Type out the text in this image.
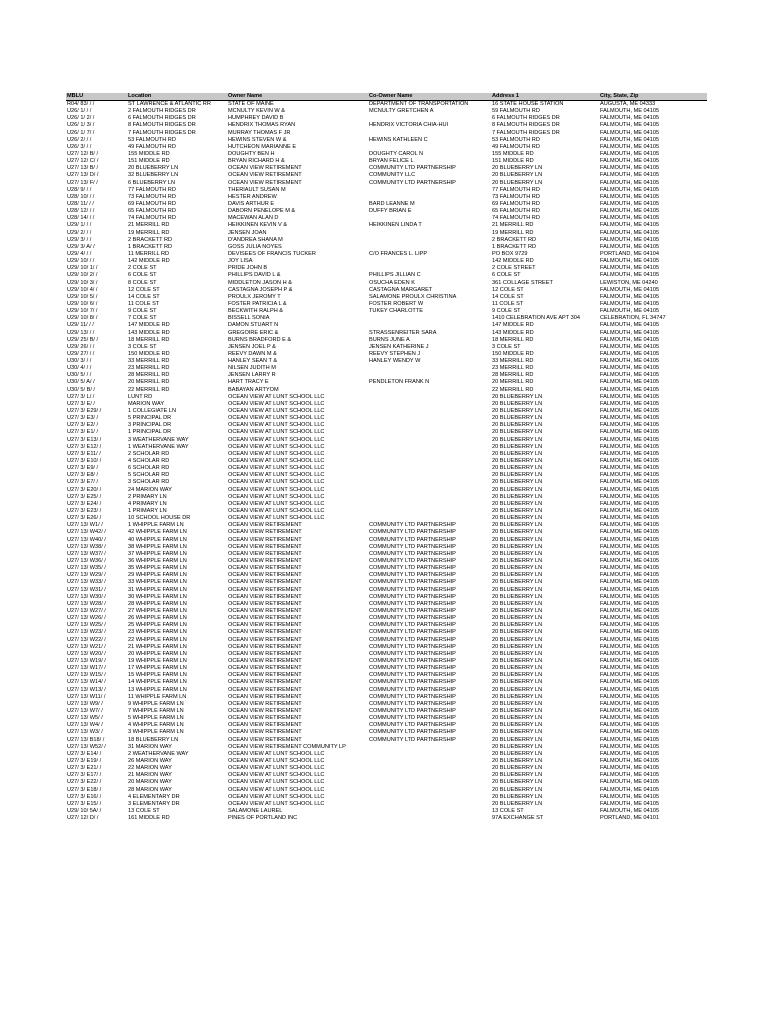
MBLU	Location	Owner Name	Co-Owner Name	Address 1	City, State, Zip
R04/ 83/ / /	ST LAWRENCE & ATLANTIC RR	STATE OF MAINE	DEPARTMENT OF TRANSPORTATION	16 STATE HOUSE STATION	AUGUSTA, ME 04333
U26/ 1/ / /	2 FALMOUTH RIDGES DR	MCNULTY KEVIN W &	MCNULTY GRETCHEN A	59 FALMOUTH RD	FALMOUTH, ME 04105
U26/ 1/ 2/ /	6 FALMOUTH RIDGES DR	HUMPHREY DAVID B		6 FALMOUTH RIDGES DR	FALMOUTH, ME 04105
U26/ 1/ 3/ /	8 FALMOUTH RIDGES DR	HENDRIX THOMAS RYAN	HENDRIX VICTORIA CHIA-HUI	8 FALMOUTH RIDGES DR	FALMOUTH, ME 04105
U26/ 1/ 7/ /	7 FALMOUTH RIDGES DR	MURRAY THOMAS F JR		7 FALMOUTH RIDGES DR	FALMOUTH, ME 04105
U26/ 2/ / /	53 FALMOUTH RD	HEWINS STEVEN W &	HEWINS KATHLEEN C	53 FALMOUTH RD	FALMOUTH, ME 04105
U26/ 3/ / /	49 FALMOUTH RD	HUTCHEON MARIANNE E		49 FALMOUTH RD	FALMOUTH, ME 04105
U27/ 12/ B/ /	155 MIDDLE RD	DOUGHTY BEN H	DOUGHTY CAROL N	155 MIDDLE RD	FALMOUTH, ME 04105
U27/ 12/ C/ /	151 MIDDLE RD	BRYAN RICHARD H &	BRYAN FELICE L	151 MIDDLE RD	FALMOUTH, ME 04105
U27/ 13/ B/ /	20 BLUEBERRY LN	OCEAN VIEW RETIREMENT	COMMUNITY LTD PARTNERSHIP	20 BLUEBERRY LN	FALMOUTH, ME 04105
U27/ 13/ D/ /	32 BLUEBERRY LN	OCEAN VIEW RETIREMENT	COMMUNITY LLC	20 BLUEBERRY LN	FALMOUTH, ME 04105
U27/ 13/ F/ /	6 BLUEBERRY LN	OCEAN VIEW RETIREMENT	COMMUNITY LTD PARTNERSHIP	20 BLUEBERRY LN	FALMOUTH, ME 04105
U28/ 9/ / /	77 FALMOUTH RD	THERIAULT SUSAN M		77 FALMOUTH RD	FALMOUTH, ME 04105
U28/ 10/ / /	73 FALMOUTH RD	HESTER ANDREW		73 FALMOUTH RD	FALMOUTH, ME 04105
U28/ 11/ / /	69 FALMOUTH RD	DAVIS ARTHUR E	BARD LEANNE M	69 FALMOUTH RD	FALMOUTH, ME 04105
U28/ 12/ / /	65 FALMOUTH RD	DABORN PENELOPE M &	DUFFY BRIAN E	65 FALMOUTH RD	FALMOUTH, ME 04105
U28/ 14/ / /	74 FALMOUTH RD	MACEWAN ALAN D		74 FALMOUTH RD	FALMOUTH, ME 04105
U29/ 1/ / /	21 MERRILL RD	HEIKKINEN KEVIN V &	HEIKKINEN LINDA T	21 MERRILL RD	FALMOUTH, ME 04105
U29/ 2/ / /	19 MERRILL RD	JENSEN JOAN		19 MERRILL RD	FALMOUTH, ME 04105
U29/ 3/ / /	2 BRACKETT RD	D'ANDREA SHANA M		2 BRACKETT RD	FALMOUTH, ME 04105
U29/ 3/ A/ /	1 BRACKETT RD	GOSS JULIA NOYES		1 BRACKETT RD	FALMOUTH, ME 04105
U29/ 4/ / /	11 MERRILL RD	DEVISEES OF FRANCIS TUCKER	C/O FRANCES L. LIPP	PO BOX 9729	PORTLAND, ME 04104
U29/ 10/ / /	142 MIDDLE RD	JOY LISA		142 MIDDLE RD	FALMOUTH, ME 04105
U29/ 10/ 1/ /	2 COLE ST	PRIDE JOHN B		2 COLE STREET	FALMOUTH, ME 04105
U29/ 10/ 2/ /	6 COLE ST	PHILLIPS DAVID L &	PHILLIPS JILLIAN C	6 COLE ST	FALMOUTH, ME 04105
U29/ 10/ 3/ /	8 COLE ST	MIDDLETON JASON H &	OSUCHA EDEN K	361 COLLAGE STREET	LEWISTON, ME 04240
U29/ 10/ 4/ /	12 COLE ST	CASTAGNA JOSEPH P &	CASTAGNA MARGARET	12 COLE ST	FALMOUTH, ME 04105
U29/ 10/ 5/ /	14 COLE ST	PROULX JEROMY T	SALAMONE PROULX CHRISTINA	14 COLE ST	FALMOUTH, ME 04105
U29/ 10/ 6/ /	11 COLE ST	FOSTER PATRICIA L &	FOSTER ROBERT W	11 COLE ST	FALMOUTH, ME 04105
U29/ 10/ 7/ /	9 COLE ST	BECKWITH RALPH &	TUKEY CHARLOTTE	9 COLE ST	FALMOUTH, ME 04105
U29/ 10/ 8/ /	7 COLE ST	BISSELL SONIA		1410 CELEBRATION AVE APT 304	CELEBRATION, FL 34747
U29/ 11/ / /	147 MIDDLE RD	DAMON STUART N		147 MIDDLE RD	FALMOUTH, ME 04105
U29/ 13/ / /	143 MIDDLE RD	GREGOIRE ERIC &	STRASSENREITER SARA	143 MIDDLE RD	FALMOUTH, ME 04105
U29/ 25/ B/ /	18 MERRILL RD	BURNS BRADFORD E &	BURNS JUNE A	18 MERRILL RD	FALMOUTH, ME 04105
U29/ 26/ / /	3 COLE ST	JENSEN JOEL P &	JENSEN KATHERINE J	3 COLE ST	FALMOUTH, ME 04105
U29/ 27/ / /	150 MIDDLE RD	REEVY DAWN M &	REEVY STEPHEN J	150 MIDDLE RD	FALMOUTH, ME 04105
U30/ 3/ / /	33 MERRILL RD	HANLEY SEAN T &	HANLEY WENDY W	33 MERRILL RD	FALMOUTH, ME 04105
U30/ 4/ / /	23 MERRILL RD	NILSEN JUDITH M		23 MERRILL RD	FALMOUTH, ME 04105
U30/ 5/ / /	28 MERRILL RD	JENSEN LARRY R		28 MERRILL RD	FALMOUTH, ME 04105
U30/ 5/ A/ /	20 MERRILL RD	HART TRACY E	PENDLETON FRANK N	20 MERRILL RD	FALMOUTH, ME 04105
U30/ 5/ B/ /	22 MERRILL RD	BABAYAN ARTYOM		22 MERRILL RD	FALMOUTH, ME 04105
U27/ 3/ L/ /	LUNT RD	OCEAN VIEW AT LUNT SCHOOL LLC		20 BLUEBERRY LN	FALMOUTH, ME 04105
U27/ 3/ E/ /	MARION WAY	OCEAN VIEW AT LUNT SCHOOL LLC		20 BLUEBERRY LN	FALMOUTH, ME 04105
U27/ 3/ E29/ /	1 COLLEGIATE LN	OCEAN VIEW AT LUNT SCHOOL LLC		20 BLUEBERRY LN	FALMOUTH, ME 04105
U27/ 3/ E3/ /	5 PRINCIPAL DR	OCEAN VIEW AT LUNT SCHOOL LLC		20 BLUEBERRY LN	FALMOUTH, ME 04105
U27/ 3/ E2/ /	3 PRINCIPAL DR	OCEAN VIEW AT LUNT SCHOOL LLC		20 BLUEBERRY LN	FALMOUTH, ME 04105
U27/ 3/ E1/ /	1 PRINCIPAL DR	OCEAN VIEW AT LUNT SCHOOL LLC		20 BLUEBERRY LN	FALMOUTH, ME 04105
U27/ 3/ E13/ /	3 WEATHERVANE WAY	OCEAN VIEW AT LUNT SCHOOL LLC		20 BLUEBERRY LN	FALMOUTH, ME 04105
U27/ 3/ E12/ /	1 WEATHERVANE WAY	OCEAN VIEW AT LUNT SCHOOL LLC		20 BLUEBERRY LN	FALMOUTH, ME 04105
U27/ 3/ E11/ /	2 SCHOLAR RD	OCEAN VIEW AT LUNT SCHOOL LLC		20 BLUEBERRY LN	FALMOUTH, ME 04105
U27/ 3/ E10/ /	4 SCHOLAR RD	OCEAN VIEW AT LUNT SCHOOL LLC		20 BLUEBERRY LN	FALMOUTH, ME 04105
U27/ 3/ E9/ /	6 SCHOLAR RD	OCEAN VIEW AT LUNT SCHOOL LLC		20 BLUEBERRY LN	FALMOUTH, ME 04105
U27/ 3/ E8/ /	5 SCHOLAR RD	OCEAN VIEW AT LUNT SCHOOL LLC		20 BLUEBERRY LN	FALMOUTH, ME 04105
U27/ 3/ E7/ /	3 SCHOLAR RD	OCEAN VIEW AT LUNT SCHOOL LLC		20 BLUEBERRY LN	FALMOUTH, ME 04105
U27/ 3/ E20/ /	24 MARION WAY	OCEAN VIEW AT LUNT SCHOOL LLC		20 BLUEBERRY LN	FALMOUTH, ME 04105
U27/ 3/ E25/ /	2 PRIMARY LN	OCEAN VIEW AT LUNT SCHOOL LLC		20 BLUEBERRY LN	FALMOUTH, ME 04105
U27/ 3/ E24/ /	4 PRIMARY LN	OCEAN VIEW AT LUNT SCHOOL LLC		20 BLUEBERRY LN	FALMOUTH, ME 04105
U27/ 3/ E23/ /	1 PRIMARY LN	OCEAN VIEW AT LUNT SCHOOL LLC		20 BLUEBERRY LN	FALMOUTH, ME 04105
U27/ 3/ E26/ /	10 SCHOOL HOUSE DR	OCEAN VIEW AT LUNT SCHOOL LLC		20 BLUEBERRY LN	FALMOUTH, ME 04105
U27/ 13/ W1/ /	1 WHIPPLE FARM LN	OCEAN VIEW RETIREMENT	COMMUNITY LTD PARTNERSHIP	20 BLUEBERRY LN	FALMOUTH, ME 04105
U27/ 13/ W42/ /	42 WHIPPLE FARM LN	OCEAN VIEW RETIREMENT	COMMUNITY LTD PARTNERSHIP	20 BLUEBERRY LN	FALMOUTH, ME 04105
U27/ 13/ W40/ /	40 WHIPPLE FARM LN	OCEAN VIEW RETIREMENT	COMMUNITY LTD PARTNERSHIP	20 BLUEBERRY LN	FALMOUTH, ME 04105
U27/ 13/ W38/ /	38 WHIPPLE FARM LN	OCEAN VIEW RETIREMENT	COMMUNITY LTD PARTNERSHIP	20 BLUEBERRY LN	FALMOUTH, ME 04105
U27/ 13/ W37/ /	37 WHIPPLE FARM LN	OCEAN VIEW RETIREMENT	COMMUNITY LTD PARTNERSHIP	20 BLUEBERRY LN	FALMOUTH, ME 04105
U27/ 13/ W36/ /	36 WHIPPLE FARM LN	OCEAN VIEW RETIREMENT	COMMUNITY LTD PARTNERSHIP	20 BLUEBERRY LN	FALMOUTH, ME 04105
U27/ 13/ W35/ /	35 WHIPPLE FARM LN	OCEAN VIEW RETIREMENT	COMMUNITY LTD PARTNERSHIP	20 BLUEBERRY LN	FALMOUTH, ME 04105
U27/ 13/ W29/ /	29 WHIPPLE FARM LN	OCEAN VIEW RETIREMENT	COMMUNITY LTD PARTNERSHIP	20 BLUEBERRY LN	FALMOUTH, ME 04105
U27/ 13/ W33/ /	33 WHIPPLE FARM LN	OCEAN VIEW RETIREMENT	COMMUNITY LTD PARTNERSHIP	20 BLUEBERRY LN	FALMOUTH, ME 04105
U27/ 13/ W31/ /	31 WHIPPLE FARM LN	OCEAN VIEW RETIREMENT	COMMUNITY LTD PARTNERSHIP	20 BLUEBERRY LN	FALMOUTH, ME 04105
U27/ 13/ W30/ /	30 WHIPPLE FARM LN	OCEAN VIEW RETIREMENT	COMMUNITY LTD PARTNERSHIP	20 BLUEBERRY LN	FALMOUTH, ME 04105
U27/ 13/ W28/ /	28 WHIPPLE FARM LN	OCEAN VIEW RETIREMENT	COMMUNITY LTD PARTNERSHIP	20 BLUEBERRY LN	FALMOUTH, ME 04105
U27/ 13/ W27/ /	27 WHIPPLE FARM LN	OCEAN VIEW RETIREMENT	COMMUNITY LTD PARTNERSHIP	20 BLUEBERRY LN	FALMOUTH, ME 04105
U27/ 13/ W26/ /	26 WHIPPLE FARM LN	OCEAN VIEW RETIREMENT	COMMUNITY LTD PARTNERSHIP	20 BLUEBERRY LN	FALMOUTH, ME 04105
U27/ 13/ W25/ /	25 WHIPPLE FARM LN	OCEAN VIEW RETIREMENT	COMMUNITY LTD PARTNERSHIP	20 BLUEBERRY LN	FALMOUTH, ME 04105
U27/ 13/ W23/ /	23 WHIPPLE FARM LN	OCEAN VIEW RETIREMENT	COMMUNITY LTD PARTNERSHIP	20 BLUEBERRY LN	FALMOUTH, ME 04105
U27/ 13/ W22/ /	22 WHIPPLE FARM LN	OCEAN VIEW RETIREMENT	COMMUNITY LTD PARTNERSHIP	20 BLUEBERRY LN	FALMOUTH, ME 04105
U27/ 13/ W21/ /	21 WHIPPLE FARM LN	OCEAN VIEW RETIREMENT	COMMUNITY LTD PARTNERSHIP	20 BLUEBERRY LN	FALMOUTH, ME 04105
U27/ 13/ W20/ /	20 WHIPPLE FARM LN	OCEAN VIEW RETIREMENT	COMMUNITY LTD PARTNERSHIP	20 BLUEBERRY LN	FALMOUTH, ME 04105
U27/ 13/ W19/ /	19 WHIPPLE FARM LN	OCEAN VIEW RETIREMENT	COMMUNITY LTD PARTNERSHIP	20 BLUEBERRY LN	FALMOUTH, ME 04105
U27/ 13/ W17/ /	17 WHIPPLE FARM LN	OCEAN VIEW RETIREMENT	COMMUNITY LTD PARTNERSHIP	20 BLUEBERRY LN	FALMOUTH, ME 04105
U27/ 13/ W15/ /	15 WHIPPLE FARM LN	OCEAN VIEW RETIREMENT	COMMUNITY LTD PARTNERSHIP	20 BLUEBERRY LN	FALMOUTH, ME 04105
U27/ 13/ W14/ /	14 WHIPPLE FARM LN	OCEAN VIEW RETIREMENT	COMMUNITY LTD PARTNERSHIP	20 BLUEBERRY LN	FALMOUTH, ME 04105
U27/ 13/ W13/ /	13 WHIPPLE FARM LN	OCEAN VIEW RETIREMENT	COMMUNITY LTD PARTNERSHIP	20 BLUEBERRY LN	FALMOUTH, ME 04105
U27/ 13/ W11/ /	11 WHIPPLE FARM LN	OCEAN VIEW RETIREMENT	COMMUNITY LTD PARTNERSHIP	20 BLUEBERRY LN	FALMOUTH, ME 04105
U27/ 13/ W9/ /	9 WHIPPLE FARM LN	OCEAN VIEW RETIREMENT	COMMUNITY LTD PARTNERSHIP	20 BLUEBERRY LN	FALMOUTH, ME 04105
U27/ 13/ W7/ /	7 WHIPPLE FARM LN	OCEAN VIEW RETIREMENT	COMMUNITY LTD PARTNERSHIP	20 BLUEBERRY LN	FALMOUTH, ME 04105
U27/ 13/ W5/ /	5 WHIPPLE FARM LN	OCEAN VIEW RETIREMENT	COMMUNITY LTD PARTNERSHIP	20 BLUEBERRY LN	FALMOUTH, ME 04105
U27/ 13/ W4/ /	4 WHIPPLE FARM LN	OCEAN VIEW RETIREMENT	COMMUNITY LTD PARTNERSHIP	20 BLUEBERRY LN	FALMOUTH, ME 04105
U27/ 13/ W3/ /	3 WHIPPLE FARM LN	OCEAN VIEW RETIREMENT	COMMUNITY LTD PARTNERSHIP	20 BLUEBERRY LN	FALMOUTH, ME 04105
U27/ 13/ B18/ /	18 BLUEBERRY LN	OCEAN VIEW RETIREMENT	COMMUNITY LTD PARTNERSHIP	20 BLUEBERRY LN	FALMOUTH, ME 04105
U27/ 13/ W52/ /	31 MARION WAY	OCEAN VIEW RETIREMENT COMMUNITY LP		20 BLUEBERRY LN	FALMOUTH, ME 04105
U27/ 3/ E14/ /	2 WEATHERVANE WAY	OCEAN VIEW AT LUNT SCHOOL LLC		20 BLUEBERRY LN	FALMOUTH, ME 04105
U27/ 3/ E19/ /	26 MARION WAY	OCEAN VIEW AT LUNT SCHOOL LLC		20 BLUEBERRY LN	FALMOUTH, ME 04105
U27/ 3/ E21/ /	22 MARION WAY	OCEAN VIEW AT LUNT SCHOOL LLC		20 BLUEBERRY LN	FALMOUTH, ME 04105
U27/ 3/ E17/ /	21 MARION WAY	OCEAN VIEW AT LUNT SCHOOL LLC		20 BLUEBERRY LN	FALMOUTH, ME 04105
U27/ 3/ E22/ /	20 MARION WAY	OCEAN VIEW AT LUNT SCHOOL LLC		20 BLUEBERRY LN	FALMOUTH, ME 04105
U27/ 3/ E18/ /	28 MARION WAY	OCEAN VIEW AT LUNT SCHOOL LLC		20 BLUEBERRY LN	FALMOUTH, ME 04105
U27/ 3/ E16/ /	4 ELEMENTARY DR	OCEAN VIEW AT LUNT SCHOOL LLC		20 BLUEBERRY LN	FALMOUTH, ME 04105
U27/ 3/ E15/ /	3 ELEMENTARY DR	OCEAN VIEW AT LUNT SCHOOL LLC		20 BLUEBERRY LN	FALMOUTH, ME 04105
U29/ 10/ 5A/ /	13 COLE ST	SALAMONE LAUREL		13 COLE ST	FALMOUTH, ME 04105
U27/ 12/ D/ /	161 MIDDLE RD	PINES OF PORTLAND INC		97A EXCHANGE ST	PORTLAND, ME 04101
